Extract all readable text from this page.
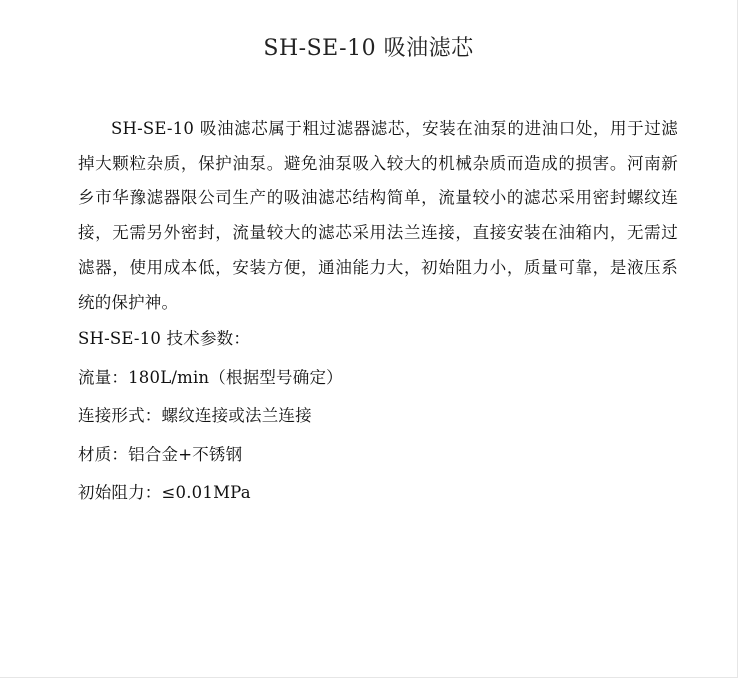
SH-SE-10 吸油滤芯

SH-SE-10 吸油滤芯属于粗过滤器滤芯，安装在油泵的进油口处，用于过滤掉大颗粒杂质，保护油泵。避免油泵吸入较大的机械杂质而造成的损害。河南新乡市华豫滤器限公司生产的吸油滤芯结构简单，流量较小的滤芯采用密封螺纹连接，无需另外密封，流量较大的滤芯采用法兰连接，直接安装在油箱内，无需过滤器，使用成本低，安装方便，通油能力大，初始阻力小，质量可靠，是液压系统的保护神。

SH-SE-10 技术参数：

流量：180L/min（根据型号确定）

连接形式：螺纹连接或法兰连接

材质：铝合金+不锈钢

初始阻力：≤0.01MPa
